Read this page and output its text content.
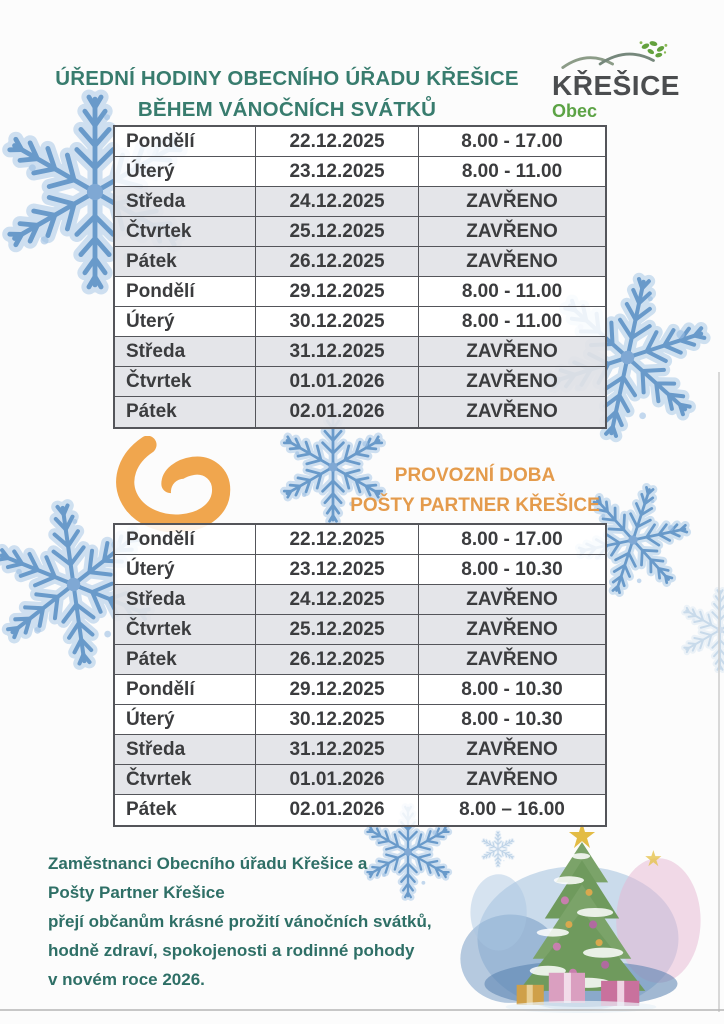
ÚŘEDNÍ HODINY OBECNÍHO ÚŘADU KŘEŠICE
BĚHEM VÁNOČNÍCH SVÁTKŮ
KŘEŠICE
Obec
Pondělí	22.12.2025	8.00 - 17.00
Úterý	23.12.2025	8.00 - 11.00
Středa	24.12.2025	ZAVŘENO
Čtvrtek	25.12.2025	ZAVŘENO
Pátek	26.12.2025	ZAVŘENO
Pondělí	29.12.2025	8.00 - 11.00
Úterý	30.12.2025	8.00 - 11.00
Středa	31.12.2025	ZAVŘENO
Čtvrtek	01.01.2026	ZAVŘENO
Pátek	02.01.2026	ZAVŘENO
PROVOZNÍ DOBA
POŠTY PARTNER KŘEŠICE
Pondělí	22.12.2025	8.00 - 17.00
Úterý	23.12.2025	8.00 - 10.30
Středa	24.12.2025	ZAVŘENO
Čtvrtek	25.12.2025	ZAVŘENO
Pátek	26.12.2025	ZAVŘENO
Pondělí	29.12.2025	8.00 - 10.30
Úterý	30.12.2025	8.00 - 10.30
Středa	31.12.2025	ZAVŘENO
Čtvrtek	01.01.2026	ZAVŘENO
Pátek	02.01.2026	8.00 – 16.00
Zaměstnanci Obecního úřadu Křešice a
Pošty Partner Křešice
přejí občanům krásné prožití vánočních svátků,
hodně zdraví, spokojenosti a rodinné pohody
v novém roce 2026.
